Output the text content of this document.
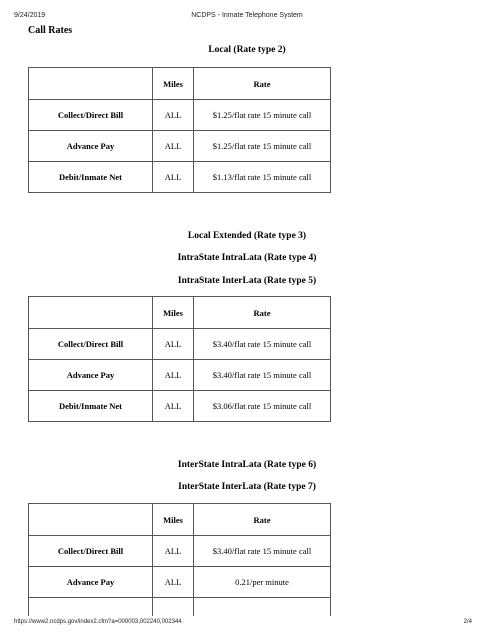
9/24/2019	NCDPS - Inmate Telephone System
Call Rates
Local (Rate type 2)
	Miles	Rate
Collect/Direct Bill	ALL	$1.25/flat rate 15 minute call
Advance Pay	ALL	$1.25/flat rate 15 minute call
Debit/Inmate Net	ALL	$1.13/flat rate 15 minute call
Local Extended (Rate type 3)
IntraState IntraLata (Rate type 4)
IntraState InterLata (Rate type 5)
	Miles	Rate
Collect/Direct Bill	ALL	$3.40/flat rate 15 minute call
Advance Pay	ALL	$3.40/flat rate 15 minute call
Debit/Inmate Net	ALL	$3.06/flat rate 15 minute call
InterState IntraLata (Rate type 6)
InterState InterLata (Rate type 7)
	Miles	Rate
Collect/Direct Bill	ALL	$3.40/flat rate 15 minute call
Advance Pay	ALL	0.21/per minute

https://www2.ncdps.gov/index2.cfm?a=000003,002240,002344	2/4
